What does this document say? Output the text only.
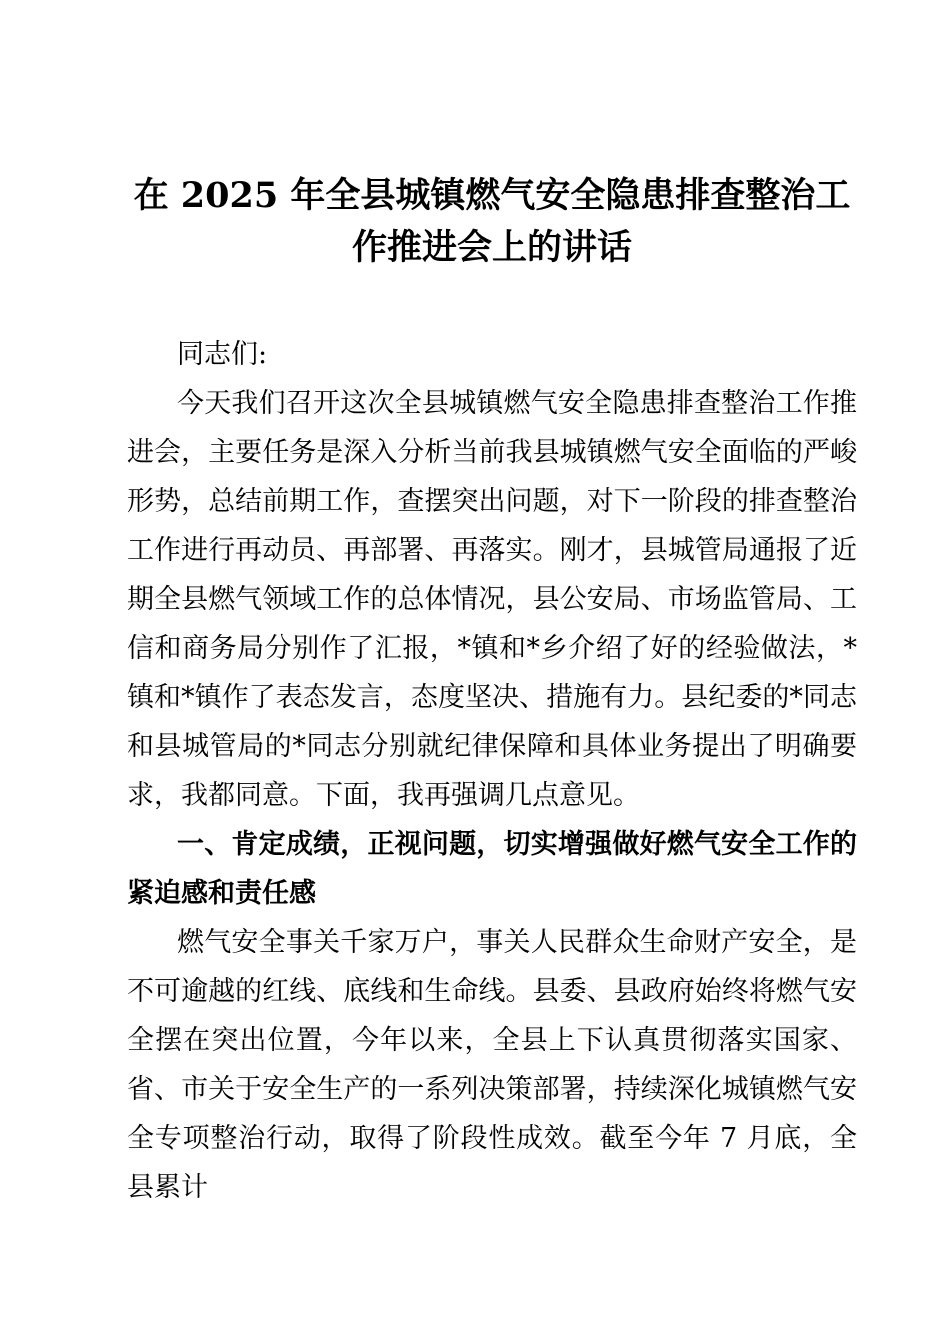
在 2025 年全县城镇燃气安全隐患排查整治工作推进会上的讲话

同志们:

今天我们召开这次全县城镇燃气安全隐患排查整治工作推进会，主要任务是深入分析当前我县城镇燃气安全面临的严峻形势，总结前期工作，查摆突出问题，对下一阶段的排查整治工作进行再动员、再部署、再落实。刚才，县城管局通报了近期全县燃气领域工作的总体情况，县公安局、市场监管局、工信和商务局分别作了汇报，*镇和*乡介绍了好的经验做法，*镇和*镇作了表态发言，态度坚决、措施有力。县纪委的*同志和县城管局的*同志分别就纪律保障和具体业务提出了明确要求，我都同意。下面，我再强调几点意见。

一、肯定成绩，正视问题，切实增强做好燃气安全工作的紧迫感和责任感

燃气安全事关千家万户，事关人民群众生命财产安全，是不可逾越的红线、底线和生命线。县委、县政府始终将燃气安全摆在突出位置，今年以来，全县上下认真贯彻落实国家、省、市关于安全生产的一系列决策部署，持续深化城镇燃气安全专项整治行动，取得了阶段性成效。截至今年 7 月底，全县累计
